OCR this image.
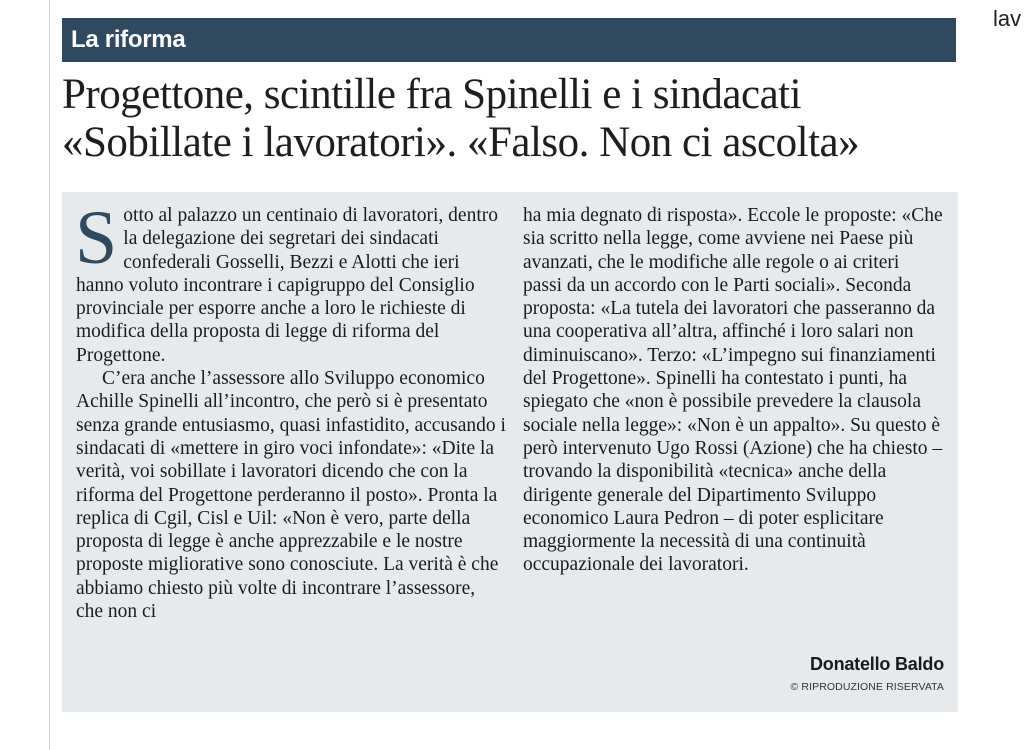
lav
La riforma
Progettone, scintille fra Spinelli e i sindacati
«Sobillate i lavoratori». «Falso. Non ci ascolta»

Sotto al palazzo un centinaio di lavoratori, dentro la delegazione dei segretari dei sindacati confederali Gosselli, Bezzi e Alotti che ieri hanno voluto incontrare i capigruppo del Consiglio provinciale per esporre anche a loro le richieste di modifica della proposta di legge di riforma del Progettone.

C’era anche l’assessore allo Sviluppo economico Achille Spinelli all’incontro, che però si è presentato senza grande entusiasmo, quasi infastidito, accusando i sindacati di «mettere in giro voci infondate»: «Dite la verità, voi sobillate i lavoratori dicendo che con la riforma del Progettone perderanno il posto». Pronta la replica di Cgil, Cisl e Uil: «Non è vero, parte della proposta di legge è anche apprezzabile e le nostre proposte migliorative sono conosciute. La verità è che abbiamo chiesto più volte di incontrare l’assessore, che non ci

ha mia degnato di risposta». Eccole le proposte: «Che sia scritto nella legge, come avviene nei Paese più avanzati, che le modifiche alle regole o ai criteri passi da un accordo con le Parti sociali». Seconda proposta: «La tutela dei lavoratori che passeranno da una cooperativa all’altra, affinché i loro salari non diminuiscano». Terzo: «L’impegno sui finanziamenti del Progettone». Spinelli ha contestato i punti, ha spiegato che «non è possibile prevedere la clausola sociale nella legge»: «Non è un appalto». Su questo è però intervenuto Ugo Rossi (Azione) che ha chiesto – trovando la disponibilità «tecnica» anche della dirigente generale del Dipartimento Sviluppo economico Laura Pedron – di poter esplicitare maggiormente la necessità di una continuità occupazionale dei lavoratori.

Donatello Baldo
© RIPRODUZIONE RISERVATA
